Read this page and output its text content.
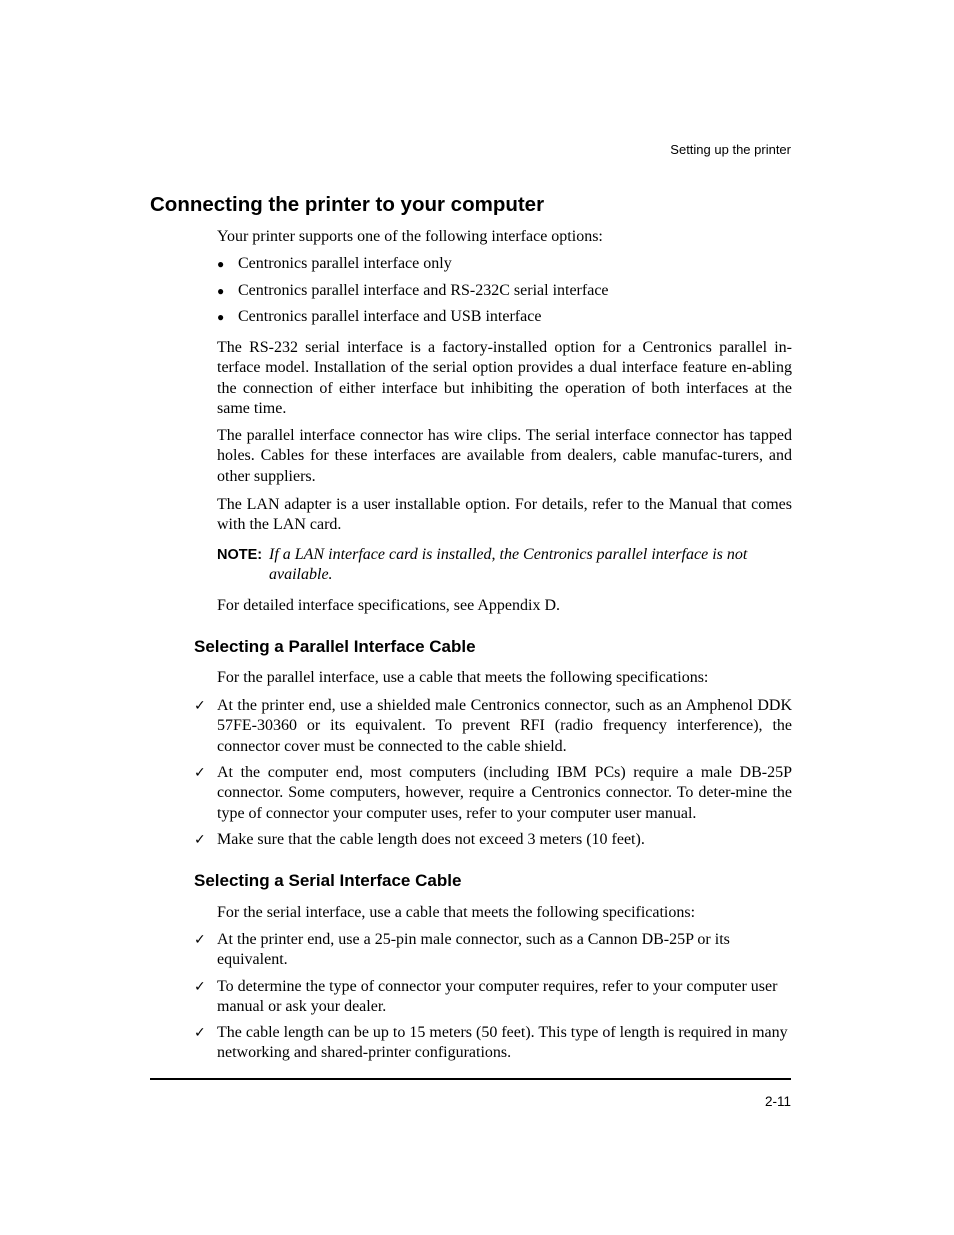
Setting up the printer
Connecting the printer to your computer
Your printer supports one of the following interface options:
● Centronics parallel interface only
● Centronics parallel interface and RS-232C serial interface
● Centronics parallel interface and USB interface
The RS-232 serial interface is a factory-installed option for a Centronics parallel in-terface model. Installation of the serial option provides a dual interface feature en-abling the connection of either interface but inhibiting the operation of both interfaces at the same time.
The parallel interface connector has wire clips. The serial interface connector has tapped holes. Cables for these interfaces are available from dealers, cable manufac-turers, and other suppliers.
The LAN adapter is a user installable option. For details, refer to the Manual that comes with the LAN card.
NOTE: If a LAN interface card is installed, the Centronics parallel interface is not available.
For detailed interface specifications, see Appendix D.
Selecting a Parallel Interface Cable
For the parallel interface, use a cable that meets the following specifications:
✓ At the printer end, use a shielded male Centronics connector, such as an Amphenol DDK 57FE-30360 or its equivalent. To prevent RFI (radio frequency interference), the connector cover must be connected to the cable shield.
✓ At the computer end, most computers (including IBM PCs) require a male DB-25P connector. Some computers, however, require a Centronics connector. To deter-mine the type of connector your computer uses, refer to your computer user manual.
✓ Make sure that the cable length does not exceed 3 meters (10 feet).
Selecting a Serial Interface Cable
For the serial interface, use a cable that meets the following specifications:
✓ At the printer end, use a 25-pin male connector, such as a Cannon DB-25P or its equivalent.
✓ To determine the type of connector your computer requires, refer to your computer user manual or ask your dealer.
✓ The cable length can be up to 15 meters (50 feet). This type of length is required in many networking and shared-printer configurations.
2-11
